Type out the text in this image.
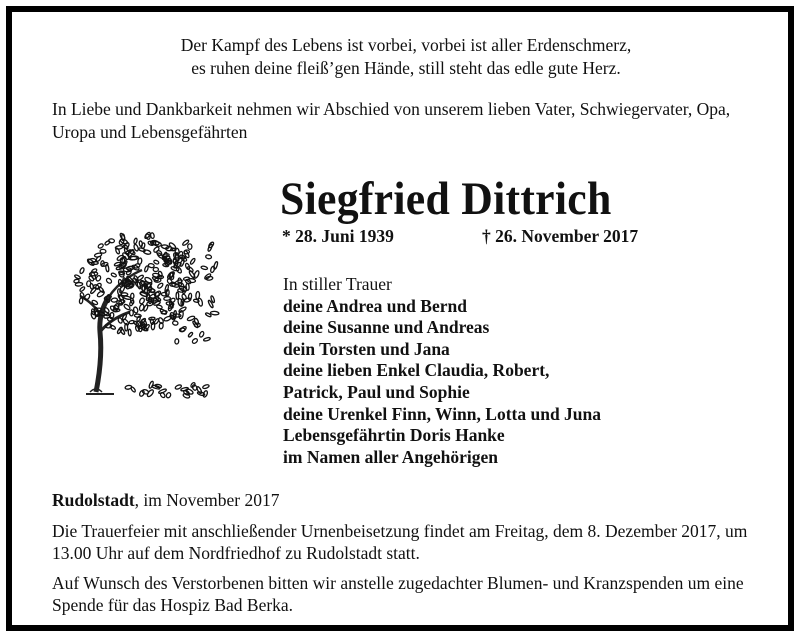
Der Kampf des Lebens ist vorbei, vorbei ist aller Erdenschmerz,
es ruhen deine fleiß’gen Hände, still steht das edle gute Herz.
In Liebe und Dankbarkeit nehmen wir Abschied von unserem lieben Vater, Schwiegervater, Opa, Uropa und Lebensgefährten
Siegfried Dittrich
* 28. Juni 1939	† 26. November 2017
In stiller Trauer
deine Andrea und Bernd
deine Susanne und Andreas
dein Torsten und Jana
deine lieben Enkel Claudia, Robert,
Patrick, Paul und Sophie
deine Urenkel Finn, Winn, Lotta und Juna
Lebensgefährtin Doris Hanke
im Namen aller Angehörigen
Rudolstadt, im November 2017
Die Trauerfeier mit anschließender Urnenbeisetzung findet am Freitag, dem 8. Dezember 2017, um 13.00 Uhr auf dem Nordfriedhof zu Rudolstadt statt.
Auf Wunsch des Verstorbenen bitten wir anstelle zugedachter Blumen- und Kranzspenden um eine Spende für das Hospiz Bad Berka.
